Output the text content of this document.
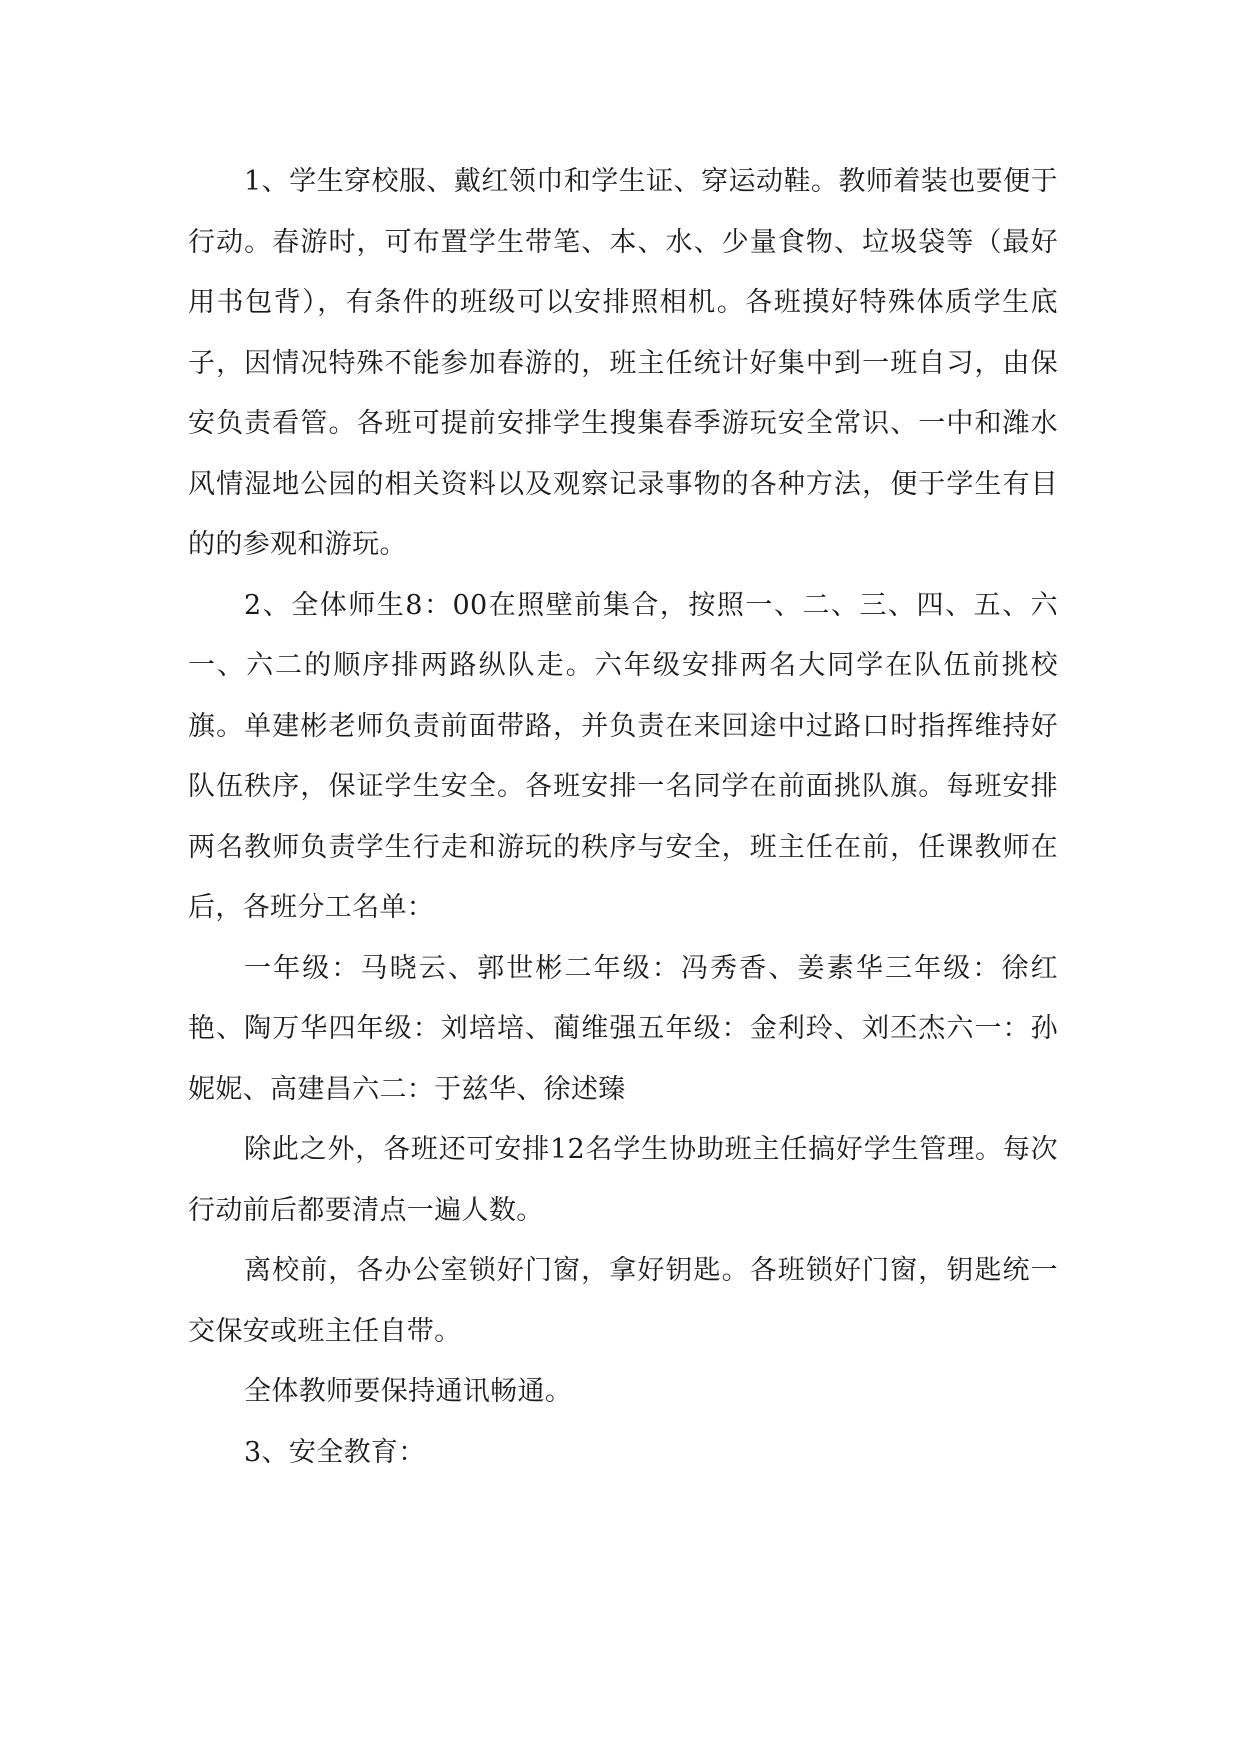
1、学生穿校服、戴红领巾和学生证、穿运动鞋。教师着装也要便于行动。春游时，可布置学生带笔、本、水、少量食物、垃圾袋等（最好用书包背），有条件的班级可以安排照相机。各班摸好特殊体质学生底子，因情况特殊不能参加春游的，班主任统计好集中到一班自习，由保安负责看管。各班可提前安排学生搜集春季游玩安全常识、一中和潍水风情湿地公园的相关资料以及观察记录事物的各种方法，便于学生有目的的参观和游玩。

2、全体师生8：00在照壁前集合，按照一、二、三、四、五、六一、六二的顺序排两路纵队走。六年级安排两名大同学在队伍前挑校旗。单建彬老师负责前面带路，并负责在来回途中过路口时指挥维持好队伍秩序，保证学生安全。各班安排一名同学在前面挑队旗。每班安排两名教师负责学生行走和游玩的秩序与安全，班主任在前，任课教师在后，各班分工名单：

一年级：马晓云、郭世彬二年级：冯秀香、姜素华三年级：徐红艳、陶万华四年级：刘培培、蔺维强五年级：金利玲、刘丕杰六一：孙妮妮、高建昌六二：于兹华、徐述臻

除此之外，各班还可安排12名学生协助班主任搞好学生管理。每次行动前后都要清点一遍人数。

离校前，各办公室锁好门窗，拿好钥匙。各班锁好门窗，钥匙统一交保安或班主任自带。

全体教师要保持通讯畅通。

3、安全教育：
